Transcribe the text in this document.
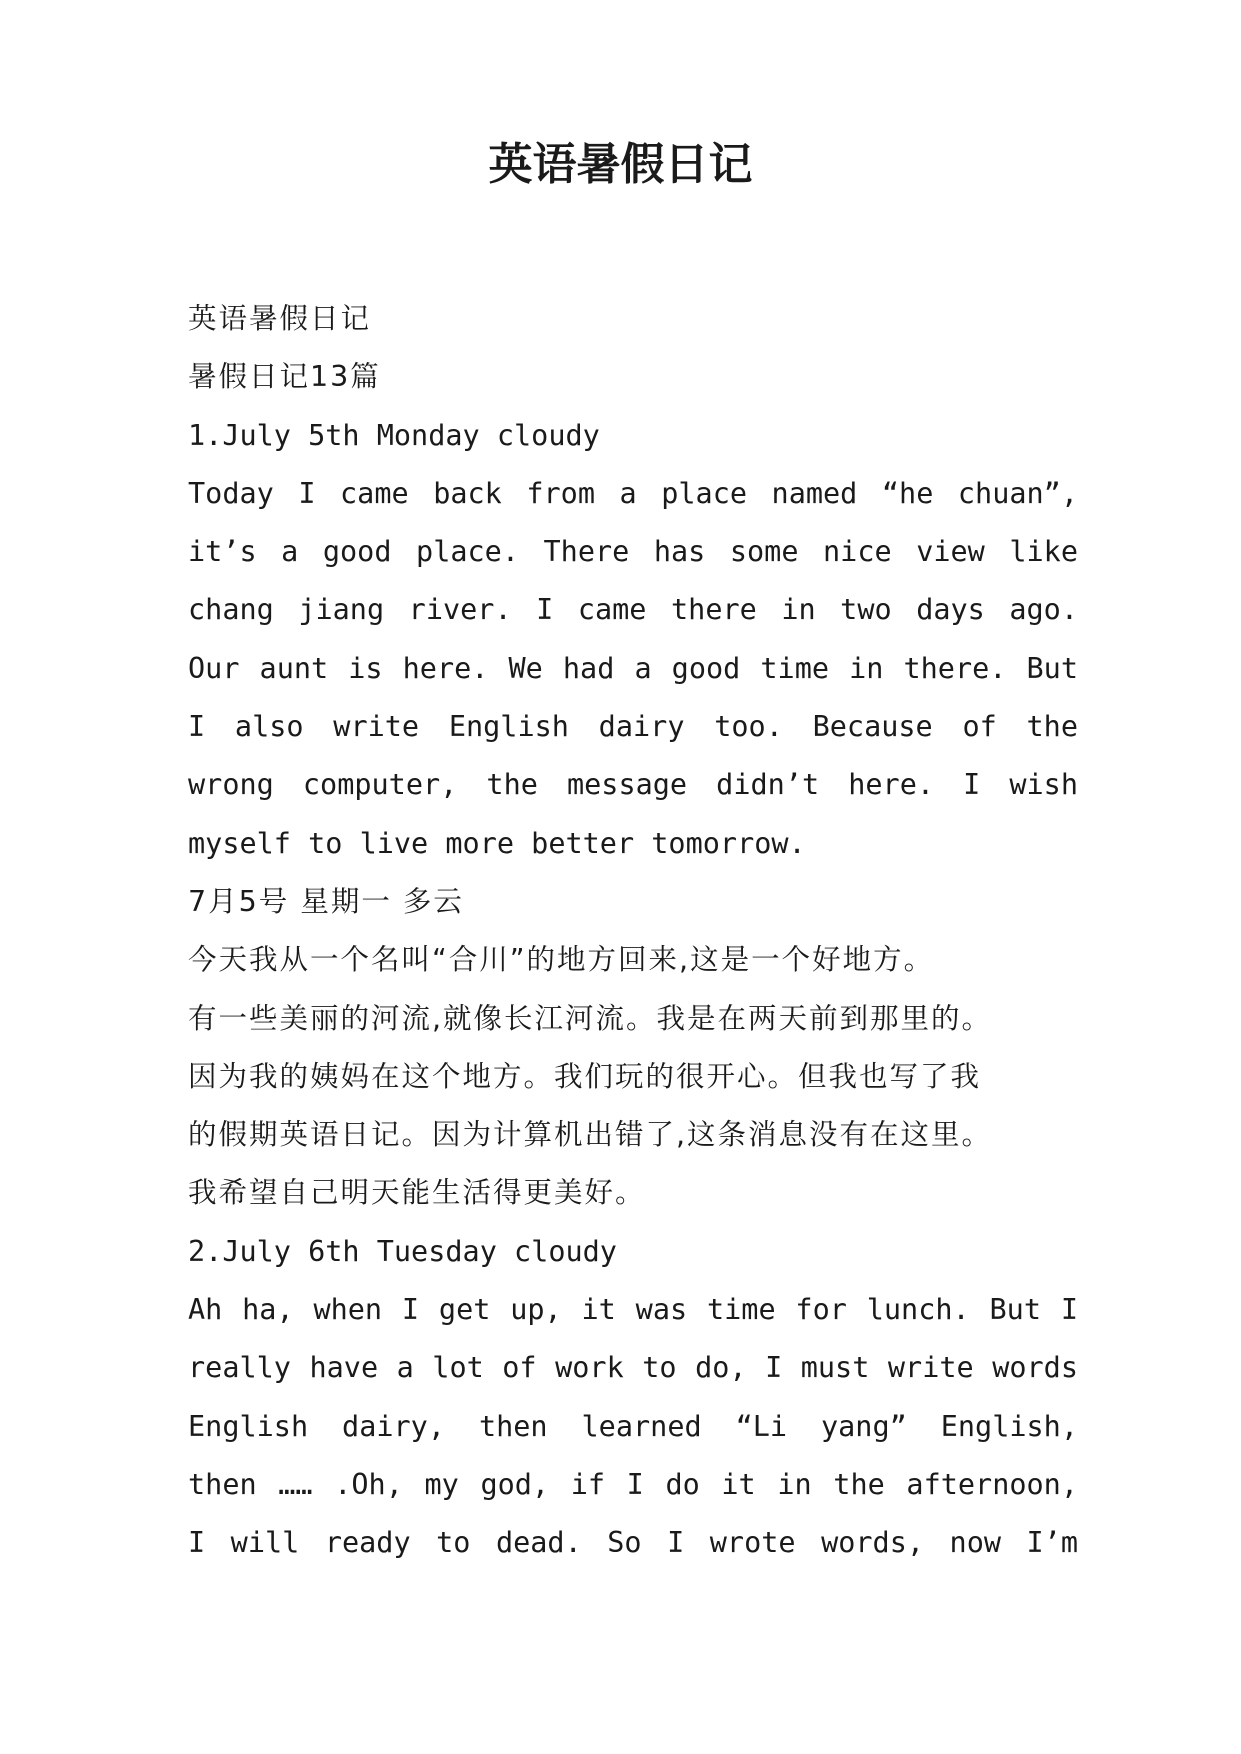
英语暑假日记
英语暑假日记
暑假日记13篇
1.July 5th Monday cloudy
Today I came back from a place named “he chuan”,
it’s a good place. There has some nice view like
chang jiang river. I came there in two days ago.
Our aunt is here. We had a good time in there. But
I also write English dairy too. Because of the
wrong computer, the message didn’t here. I wish
myself to live more better tomorrow.
7月5号 星期一 多云
今天我从一个名叫“合川”的地方回来,这是一个好地方。
有一些美丽的河流,就像长江河流。我是在两天前到那里的。
因为我的姨妈在这个地方。我们玩的很开心。但我也写了我
的假期英语日记。因为计算机出错了,这条消息没有在这里。
我希望自己明天能生活得更美好。
2.July 6th Tuesday cloudy
Ah ha, when I get up, it was time for lunch. But I
really have a lot of work to do, I must write words
English dairy, then learned “Li yang” English,
then …… .Oh, my god, if I do it in the afternoon,
I will ready to dead. So I wrote words, now I’m
